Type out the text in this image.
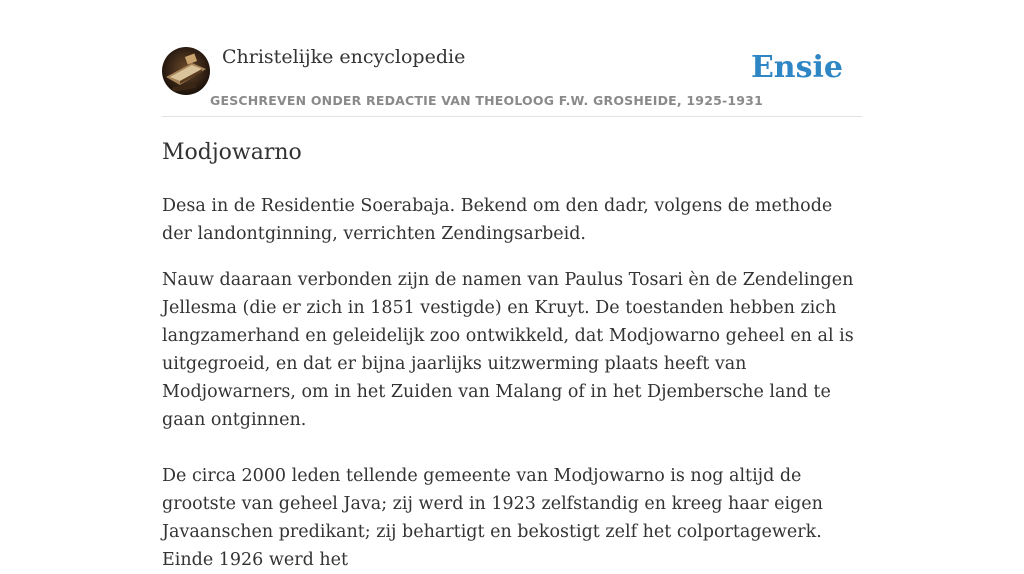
Christelijke encyclopedie
GESCHREVEN ONDER REDACTIE VAN THEOLOOG F.W. GROSHEIDE, 1925-1931
Ensie
Modjowarno

Desa in de Residentie Soerabaja. Bekend om den dadr, volgens de methode der landontginning, verrichten Zendingsarbeid.

Nauw daaraan verbonden zijn de namen van Paulus Tosari èn de Zendelingen Jellesma (die er zich in 1851 vestigde) en Kruyt. De toestanden hebben zich langzamerhand en geleidelijk zoo ontwikkeld, dat Modjowarno geheel en al is uitgegroeid, en dat er bijna jaarlijks uitzwerming plaats heeft van Modjowarners, om in het Zuiden van Malang of in het Djembersche land te gaan ontginnen.

De circa 2000 leden tellende gemeente van Modjowarno is nog altijd de grootste van geheel Java; zij werd in 1923 zelfstandig en kreeg haar eigen Javaanschen predikant; zij behartigt en bekostigt zelf het colportagewerk. Einde 1926 werd het
